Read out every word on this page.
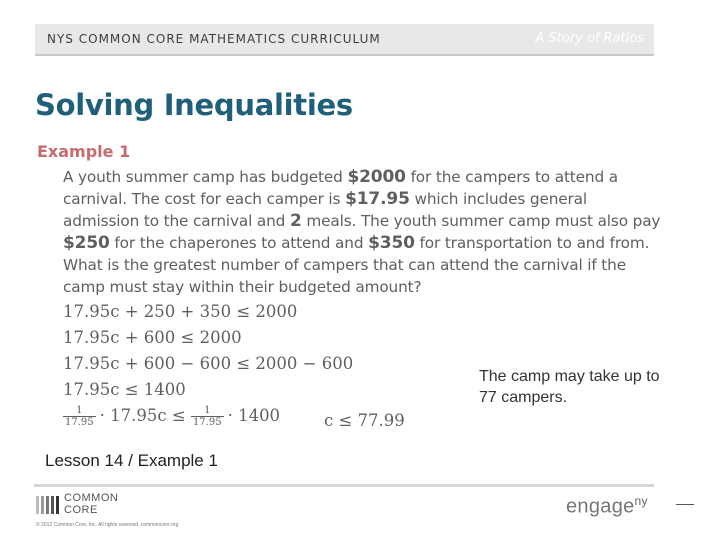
NYS COMMON CORE MATHEMATICS CURRICULUM	A Story of Ratios
Solving Inequalities
Example 1
A youth summer camp has budgeted $2000 for the campers to attend a carnival. The cost for each camper is $17.95 which includes general admission to the carnival and 2 meals. The youth summer camp must also pay $250 for the chaperones to attend and $350 for transportation to and from. What is the greatest number of campers that can attend the carnival if the camp must stay within their budgeted amount?
17.95c + 250 + 350 ≤ 2000
17.95c + 600 ≤ 2000
17.95c + 600 − 600 ≤ 2000 − 600
17.95c ≤ 1400
$\frac{1}{17.95} \cdot 17.95c \le \frac{1}{17.95} \cdot 1400$	c ≤ 77.99
The camp may take up to 77 campers.
Lesson 14 / Example 1
COMMON
CORE
© 2012 Common Core, Inc. All rights reserved. commoncore.org
engage$^{ny}$
